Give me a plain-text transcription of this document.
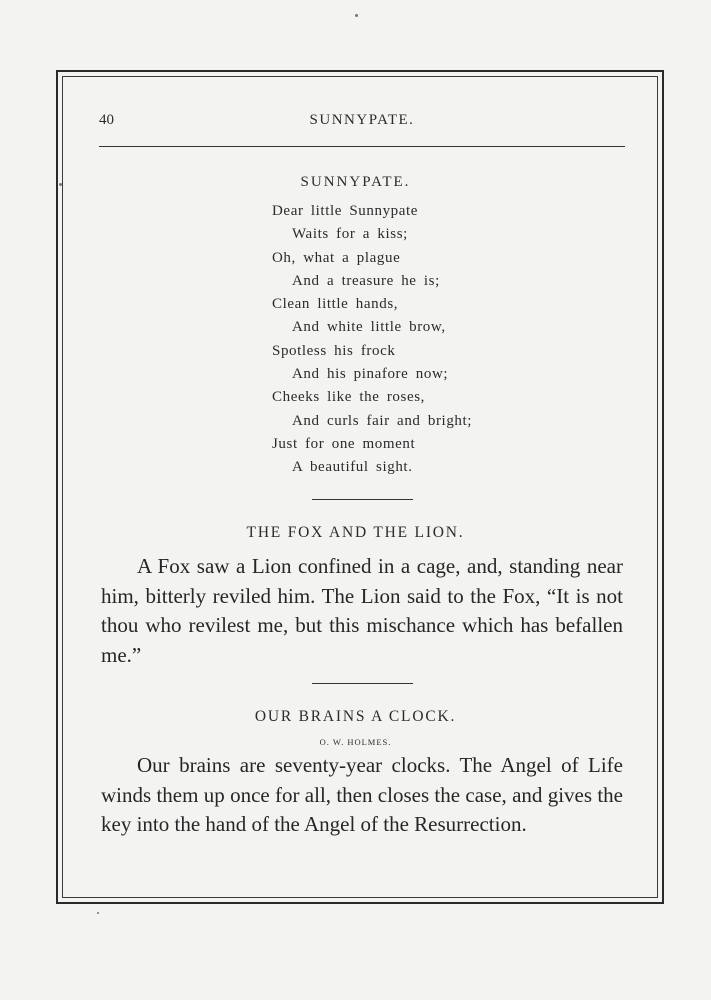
40	SUNNYPATE.
SUNNYPATE.
Dear little Sunnypate
Waits for a kiss;
Oh, what a plague
And a treasure he is;
Clean little hands,
And white little brow,
Spotless his frock
And his pinafore now;
Cheeks like the roses,
And curls fair and bright;
Just for one moment
A beautiful sight.
THE FOX AND THE LION.

A Fox saw a Lion confined in a cage, and, standing near him, bitterly reviled him. The Lion said to the Fox, “It is not thou who revilest me, but this mischance which has befallen me.”

OUR BRAINS A CLOCK.
O. W. HOLMES.

Our brains are seventy-year clocks. The Angel of Life winds them up once for all, then closes the case, and gives the key into the hand of the Angel of the Resurrection.
